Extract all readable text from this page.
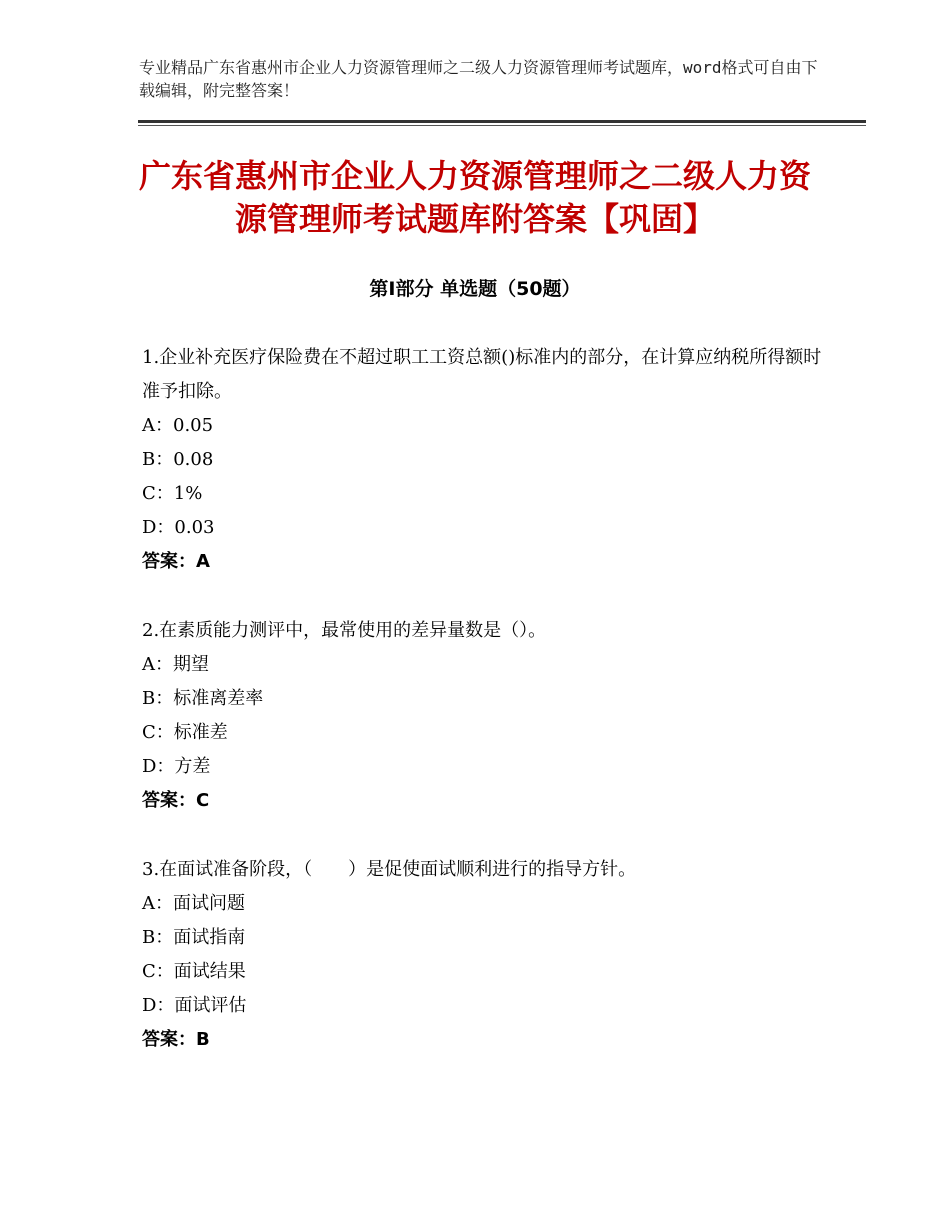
专业精品广东省惠州市企业人力资源管理师之二级人力资源管理师考试题库，word格式可自由下载编辑，附完整答案！
广东省惠州市企业人力资源管理师之二级人力资源管理师考试题库附答案【巩固】
第Ⅰ部分 单选题（50题）
1.企业补充医疗保险费在不超过职工工资总额()标准内的部分，在计算应纳税所得额时准予扣除。
A：0.05
B：0.08
C：1%
D：0.03
答案：A
2.在素质能力测评中，最常使用的差异量数是（）。
A：期望
B：标准离差率
C：标准差
D：方差
答案：C
3.在面试准备阶段，（　　）是促使面试顺利进行的指导方针。
A：面试问题
B：面试指南
C：面试结果
D：面试评估
答案：B
